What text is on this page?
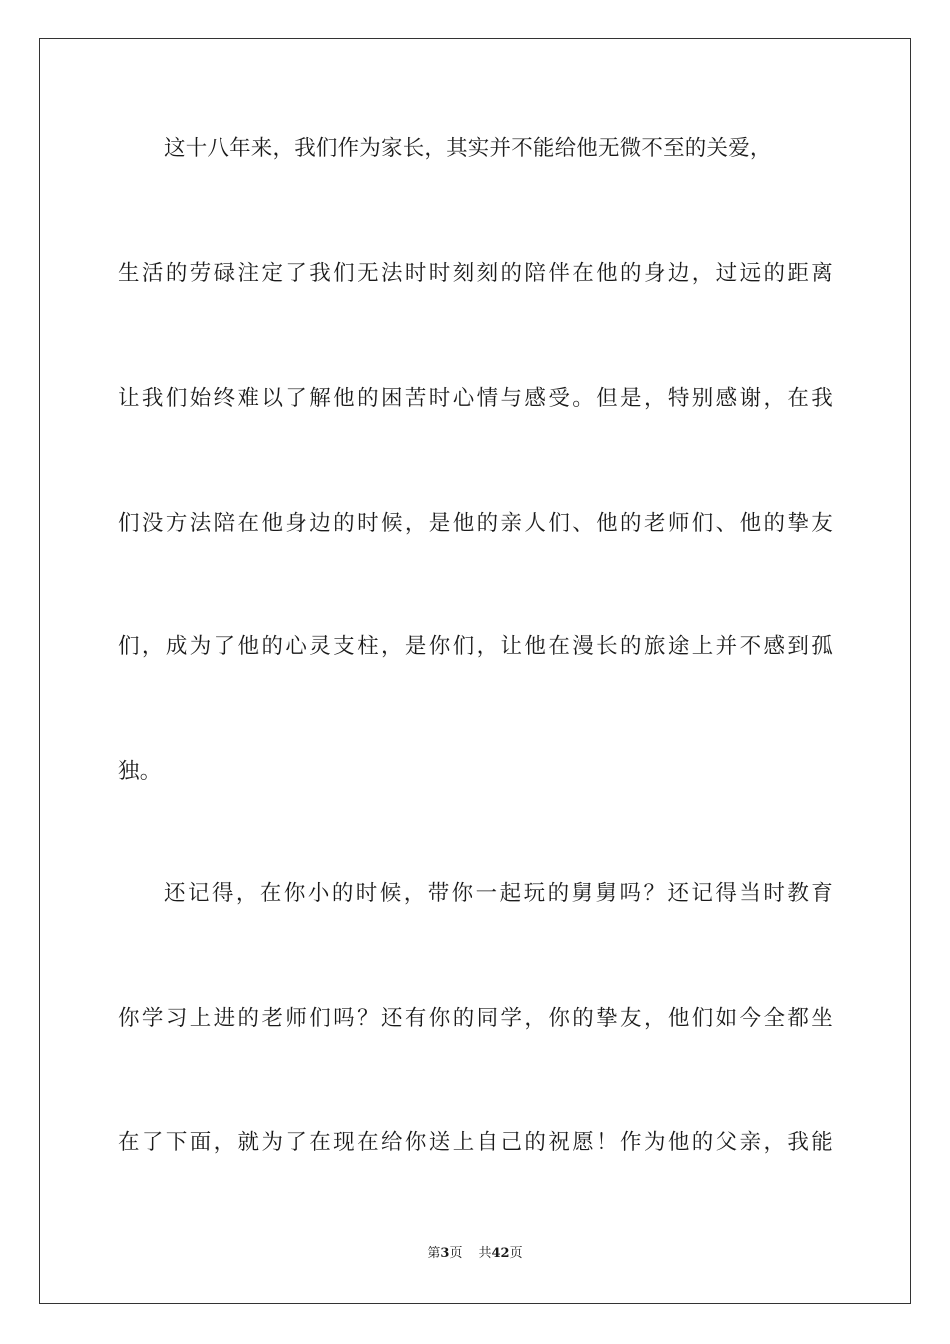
这十八年来，我们作为家长，其实并不能给他无微不至的关爱，
生活的劳碌注定了我们无法时时刻刻的陪伴在他的身边，过远的距离
让我们始终难以了解他的困苦时心情与感受。但是，特别感谢，在我
们没方法陪在他身边的时候，是他的亲人们、他的老师们、他的挚友
们，成为了他的心灵支柱，是你们，让他在漫长的旅途上并不感到孤
独。
还记得，在你小的时候，带你一起玩的舅舅吗？还记得当时教育
你学习上进的老师们吗？还有你的同学，你的挚友，他们如今全都坐
在了下面，就为了在现在给你送上自己的祝愿！作为他的父亲，我能
第3页 共42页
